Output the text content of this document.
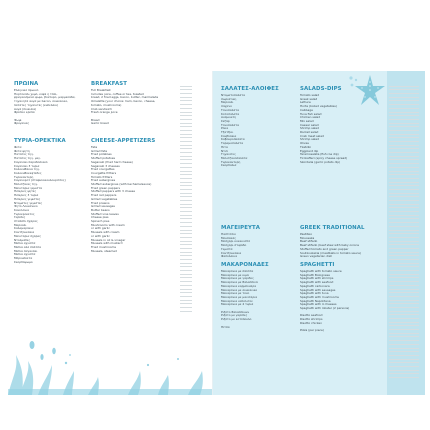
ΠΡΩΙΝΑ
Ελληνικό πρωινό
Πορτοκάλι χυμό, καφέ ή τσάι,
φρυγανισμένο ψωμί, βούτυρο, μαρμελάδα,
τηγανητά αυγά με bacon, λουκάνικο,
πατάτες τηγανιτές (κυπελάκι)
Αυγά (ποικιλία)
Φρέσκο κρέπα
Ψωμί
Φρυγανιές
ΤΥΡΙΑ-ΟΡΕΚΤΙΚΑ
Φέτα
Φέτα ψητή
Πατάτες τηγ.
Πατάτες τηγ. μεγ.
Σαγανάκι παραδοσιακό
Σαγανάκι 3 τυριά
Κολοκυθάκια τηγ.
Κολοκυθοκεφτέδες
Τυροκαυτερή
Σαγανοροτ (σταφυλοκουλουρίτσες)
Μελιτζάνες τηγ.
Μανιτάρια γεμιστά
Πιπεριές ψητές
Πιπεριές 3 τυριά
Πιπεριές γεμιστές
Ντομάτες γεμιστές
Ψητό Λουκάνικο
Κανελόνια
Τυροκροκέτες
Γαρίδες
Χταπόδι σχάρας
Μαρούλι
Καλαμαράκια
Σουτζουκάκια
Μανιτάρια σχάρας
Ντολμάδες
Μύδια αχνιστά
Μύδια αλλ σάλτσα
Μύδια σαγανάκι
Μύδια αχνιστά
Μπρουσκέτα
Σκορδόψωμο
BREAKFAST
Full Breakfast
Includes juice, coffee or tea, toasted
bread, 2 fried eggs, bacon, butter, marmalade
Omelette (your choice: ham, bacon, cheese,
tomato, mushrooms)
Club sandwich
Fresh orange juice
Bread
Garlic bread
CHEESE-APPETIZERS
Feta
Grilled feta
Fried potatoes
Stuffed potatoes
Saganaki (fried hard cheese)
Saganaki 3 cheeses
Fried courgettes
Courgette fritters
Tomato fritters
Fried aubergines
Stuffed aubergines (with bechamelsauce)
Fried green peppers
Stuffed peppers with 3 cheese
Fried red peppers
Grilled vegetables
Fried prawns
Grilled sausages
Butter beans
Stuffed vine leaves
Cheese pies
Spinach pies
Mushrooms with cream
or with garlic
Mussels with cream
or with garlic
Mussels in oil & vinegar
Mussels with mustard
Fried mushrooms
Mussels, steamed
ΣΑΛΑΤΕΣ-ΑΛΟΙΦΕΣ
Ντοματοσαλάτα
Χωριάτικη
Μαρούλι
Λάχανο
Τονοσαλάτα
Κοτοσαλάτα
Ανάμεικτη
Σεζάρ
Τονοσαλάτα
Ρόκα
Τζατζίκι
Σουβλάκια
Καβουροσαλάτα
Ταραμοσαλάτα
Πίτα
Ντιπ
Τηγανίτες
Μελιτζανοσαλάτα
Τυροκαυτερή
Σκορδαλιά
ΜΑΓΕΙΡΕΥΤΑ
Παστίτσιο
Μουσακάς
Μοσχάρι κοκκινιστό
Μοσχάρι στιφάδο
Γεμιστά
Σουτζουκάκια
Φασολάκια
ΜΑΚΑΡΟΝΑΔΕΣ
Μακαρόνια με σάλτσα
Μακαρόνια με κιμά
Μακαρόνια με γαρίδες
Μακαρόνια με θαλασσινά
Μακαρόνια καρμπονάρα
Μακαρόνια με λουκάνικο
Μακαρόνια με τόνο
Μακαρόνια με μανιτάρια
Μακαρόνια ναπολιτέν
Μακαρόνια με 4 τυριά
Ριζότο θαλασσινών
Ριζότο με γαρίδες
Ριζότο με κοτόπουλο
Πίτσα
SALADS-DIPS
Tomato salad
Greek salad
Lettuce
Horta (boiled vegetables)
Cabbage
Tuna fish salad
Chicken salad
Mix salad
Caesar salad
Shrimp salad
Rocket salad
Crab meat salad
Shrimp salad
Olives
Tzatziki
Eggplant dip
Taramosalata (fish roe dip)
Tirokafteri (spicy cheese spread)
Skordalia (garlic potato dip)
GREEK TRADITIONAL
Pastitsio
Moussaka
Beef stifado
Beef stifado (beef stew with baby onions
Stuffed tomato and green pepper
Soutzoukakia (meatballs in tomato sauce)
Green vegetarian dish
SPAGHETTI
Spaghetti with tomato sauce
Spaghetti Bolognese
Spaghetti with shrimps
Spaghetti with seafood
Spaghetti carbonara
Spaghetti with sausages
Spaghetti with tuna
Spaghetti with mushrooms
Spaghetti Napolitana
Spaghetti with 4 cheeses
Spaghetti with lobster (2 persons)
Risotto seafood
Risotto shrimps
Risotto chicken
Pizza (per piece)
